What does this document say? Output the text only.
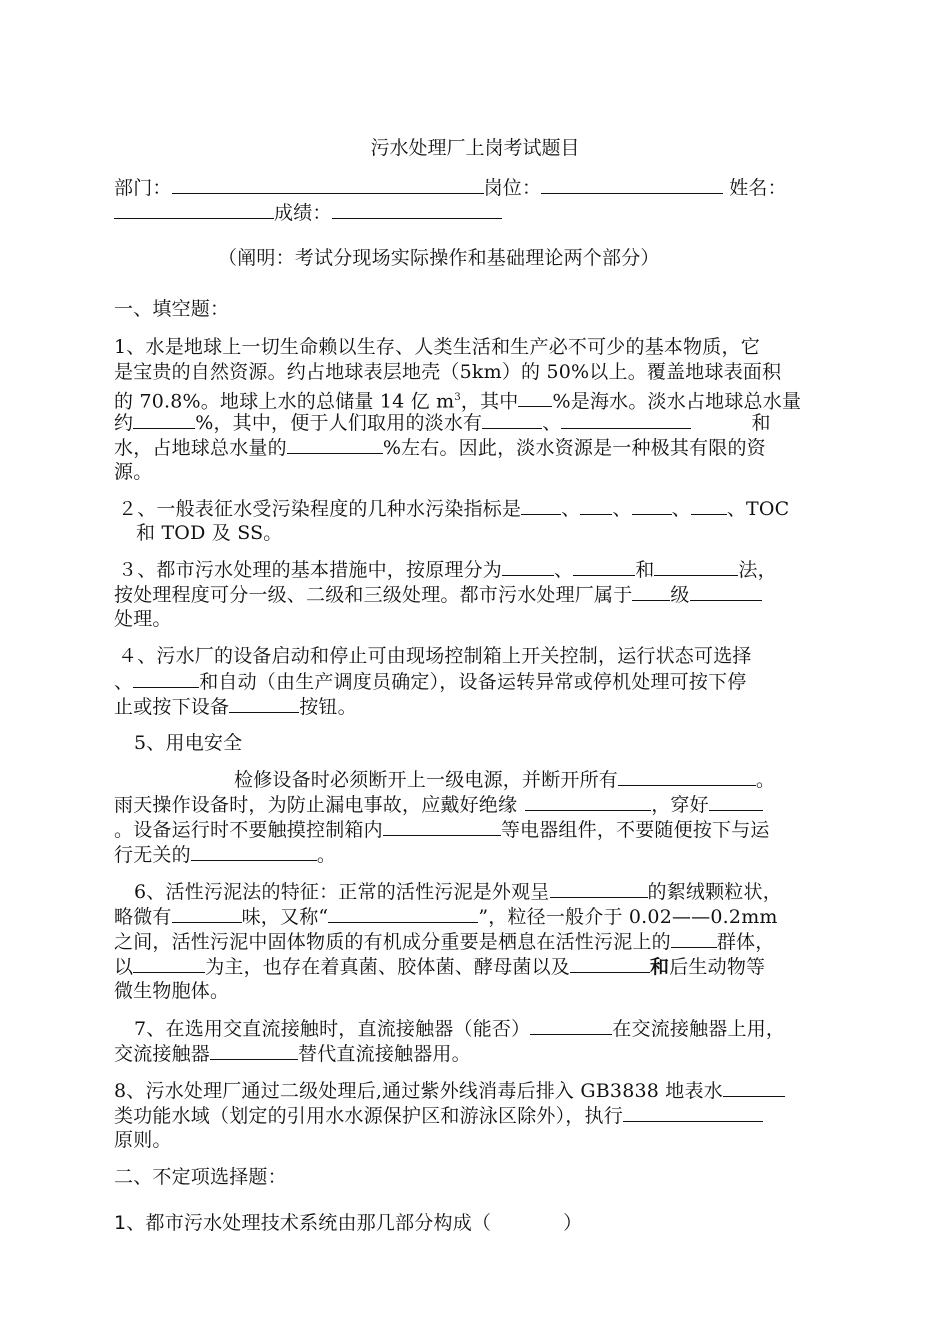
污水处理厂上岗考试题目
部门：	岗位：	姓名：
成绩：
（阐明：考试分现场实际操作和基础理论两个部分）
一、填空题：
1、水是地球上一切生命赖以生存、人类生活和生产必不可少的基本物质，它
是宝贵的自然资源。约占地球表层地壳（5km）的 50%以上。覆盖地球表面积
的 70.8%。地球上水的总储量 14 亿 $m^3$，其中 %是海水。淡水占地球总水量
约	%，其中，便于人们取用的淡水有	、	和
水，占地球总水量的	%左右。因此，淡水资源是一种极其有限的资
源。
２、一般表征水受污染程度的几种水污染指标是 、 、 、 、TOC
和 TOD 及 SS。
３、都市污水处理的基本措施中，按原理分为	、	和	法，
按处理程度可分一级、二级和三级处理。都市污水处理厂属于 级
处理。
４、污水厂的设备启动和停止可由现场控制箱上开关控制，运行状态可选择
、	和自动（由生产调度员确定），设备运转异常或停机处理可按下停
止或按下设备	按钮。
5、用电安全
检修设备时必须断开上一级电源，并断开所有	。
雨天操作设备时，为防止漏电事故，应戴好绝缘	，穿好
。设备运行时不要触摸控制箱内	等电器组件，不要随便按下与运
行无关的	。
6、活性污泥法的特征：正常的活性污泥是外观呈	的絮绒颗粒状，
略微有	味，又称“	”，粒径一般介于 0.02——0.2mm
之间，活性污泥中固体物质的有机成分重要是栖息在活性污泥上的 群体，
以	为主，也存在着真菌、胶体菌、酵母菌以及	和后生动物等
微生物胞体。
7、在选用交直流接触时，直流接触器（能否）	在交流接触器上用，
交流接触器	替代直流接触器用。
8、污水处理厂通过二级处理后,通过紫外线消毒后排入 GB3838 地表水
类功能水域（划定的引用水水源保护区和游泳区除外），执行
原则。
二、不定项选择题：
1、都市污水处理技术系统由那几部分构成（	）
